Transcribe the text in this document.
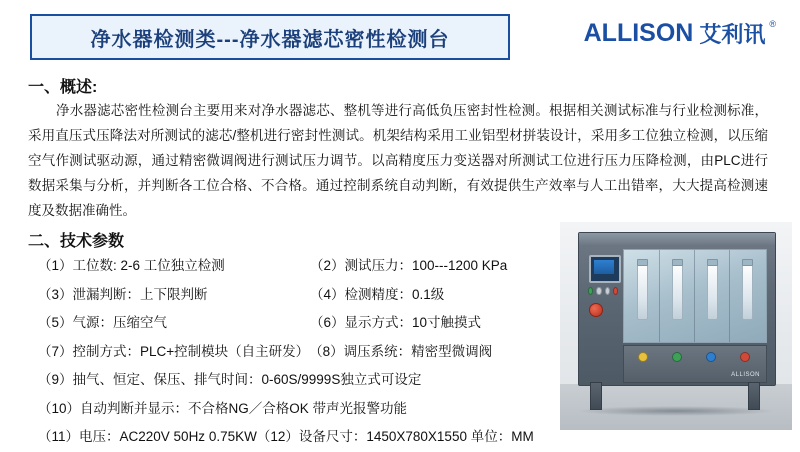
净水器检测类---净水器滤芯密性检测台	ALLISON 艾利讯 ®
一、概述:
净水器滤芯密性检测台主要用来对净水器滤芯、整机等进行高低负压密封性检测。根据相关测试标准与行业检测标准，采用直压式压降法对所测试的滤芯/整机进行密封性测试。机架结构采用工业铝型材拼装设计，采用多工位独立检测，以压缩空气作测试驱动源，通过精密微调阀进行测试压力调节。以高精度压力变送器对所测试工位进行压力压降检测，由PLC进行数据采集与分析，并判断各工位合格、不合格。通过控制系统自动判断，有效提供生产效率与人工出错率，大大提高检测速度及数据准确性。
二、技术参数
（1）工位数: 2-6 工位独立检测	（2）测试压力：100---1200 KPa
（3）泄漏判断：上下限判断	（4）检测精度：0.1级
（5）气源：压缩空气	（6）显示方式：10寸触摸式
（7）控制方式：PLC+控制模块（自主研发）（8）调压系统：精密型微调阀
（9）抽气、恒定、保压、排气时间：0-60S/9999S独立式可设定
（10）自动判断并显示：不合格NG／合格OK 带声光报警功能
（11）电压：AC220V 50Hz 0.75KW（12）设备尺寸：1450X780X1550 单位：MM
ALLISON
